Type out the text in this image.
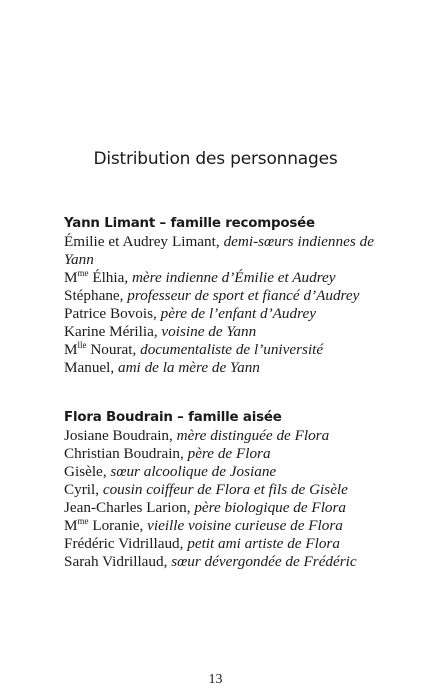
Distribution des personnages
Yann Limant – famille recomposée

Émilie et Audrey Limant, demi-sœurs indiennes de Yann

$M^{me}$ Élhia, mère indienne d’Émilie et Audrey

Stéphane, professeur de sport et fiancé d’Audrey

Patrice Bovois, père de l’enfant d’Audrey

Karine Mérilia, voisine de Yann

$M^{lle}$ Nourat, documentaliste de l’université

Manuel, ami de la mère de Yann

Flora Boudrain – famille aisée

Josiane Boudrain, mère distinguée de Flora

Christian Boudrain, père de Flora

Gisèle, sœur alcoolique de Josiane

Cyril, cousin coiffeur de Flora et fils de Gisèle

Jean-Charles Larion, père biologique de Flora

$M^{me}$ Loranie, vieille voisine curieuse de Flora

Frédéric Vidrillaud, petit ami artiste de Flora

Sarah Vidrillaud, sœur dévergondée de Frédéric

13
